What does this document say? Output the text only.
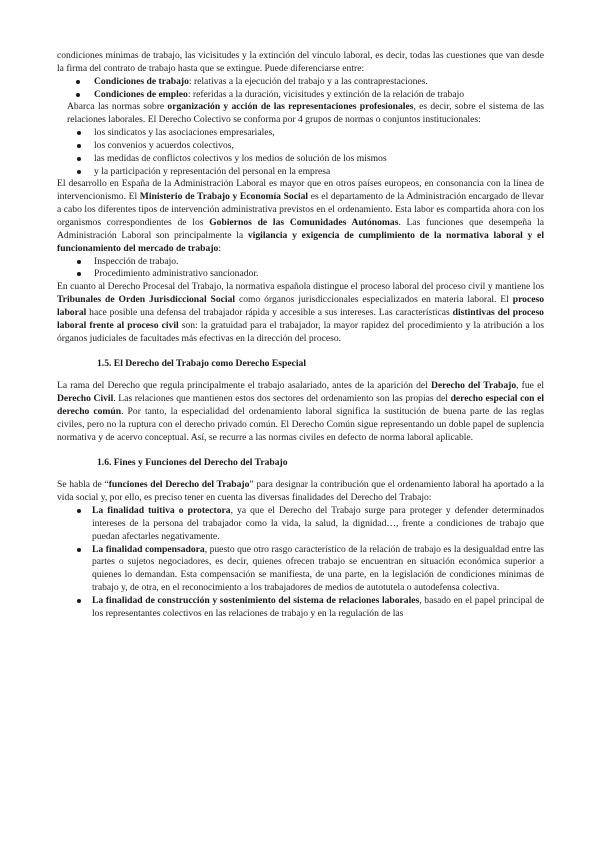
condiciones mínimas de trabajo, las vicisitudes y la extinción del vínculo laboral, es decir, todas las cuestiones que van desde la firma del contrato de trabajo hasta que se extingue. Puede diferenciarse entre:

Condiciones de trabajo: relativas a la ejecución del trabajo y a las contraprestaciones.
Condiciones de empleo: referidas a la duración, vicisitudes y extinción de la relación de trabajo

Abarca las normas sobre organización y acción de las representaciones profesionales, es decir, sobre el sistema de las relaciones laborales. El Derecho Colectivo se conforma por 4 grupos de normas o conjuntos institucionales:

los sindicatos y las asociaciones empresariales,
los convenios y acuerdos colectivos,
las medidas de conflictos colectivos y los medios de solución de los mismos
y la participación y representación del personal en la empresa

El desarrollo en España de la Administración Laboral es mayor que en otros países europeos, en consonancia con la línea de intervencionismo. El Ministerio de Trabajo y Economía Social es el departamento de la Administración encargado de llevar a cabo los diferentes tipos de intervención administrativa previstos en el ordenamiento. Esta labor es compartida ahora con los organismos correspondientes de los Gobiernos de las Comunidades Autónomas. Las funciones que desempeña la Administración Laboral son principalmente la vigilancia y exigencia de cumplimiento de la normativa laboral y el funcionamiento del mercado de trabajo:

Inspección de trabajo.
Procedimiento administrativo sancionador.

En cuanto al Derecho Procesal del Trabajo, la normativa española distingue el proceso laboral del proceso civil y mantiene los Tribunales de Orden Jurisdiccional Social como órganos jurisdiccionales especializados en materia laboral. El proceso laboral hace posible una defensa del trabajador rápida y accesible a sus intereses. Las características distintivas del proceso laboral frente al proceso civil son: la gratuidad para el trabajador, la mayor rapidez del procedimiento y la atribución a los órganos judiciales de facultades más efectivas en la dirección del proceso.

1.5. El Derecho del Trabajo como Derecho Especial

La rama del Derecho que regula principalmente el trabajo asalariado, antes de la aparición del Derecho del Trabajo, fue el Derecho Civil. Las relaciones que mantienen estos dos sectores del ordenamiento son las propias del derecho especial con el derecho común. Por tanto, la especialidad del ordenamiento laboral significa la sustitución de buena parte de las reglas civiles, pero no la ruptura con el derecho privado común. El Derecho Común sigue representando un doble papel de suplencia normativa y de acervo conceptual. Así, se recurre a las normas civiles en defecto de norma laboral aplicable.

1.6. Fines y Funciones del Derecho del Trabajo

Se habla de “funciones del Derecho del Trabajo” para designar la contribución que el ordenamiento laboral ha aportado a la vida social y, por ello, es preciso tener en cuenta las diversas finalidades del Derecho del Trabajo:

La finalidad tuitiva o protectora, ya que el Derecho del Trabajo surge para proteger y defender determinados intereses de la persona del trabajador como la vida, la salud, la dignidad…, frente a condiciones de trabajo que puedan afectarles negativamente.
La finalidad compensadora, puesto que otro rasgo característico de la relación de trabajo es la desigualdad entre las partes o sujetos negociadores, es decir, quienes ofrecen trabajo se encuentran en situación económica superior a quienes lo demandan. Esta compensación se manifiesta, de una parte, en la legislación de condiciones mínimas de trabajo y, de otra, en el reconocimiento a los trabajadores de medios de autotutela o autodefensa colectiva.
La finalidad de construcción y sostenimiento del sistema de relaciones laborales, basado en el papel principal de los representantes colectivos en las relaciones de trabajo y en la regulación de las
